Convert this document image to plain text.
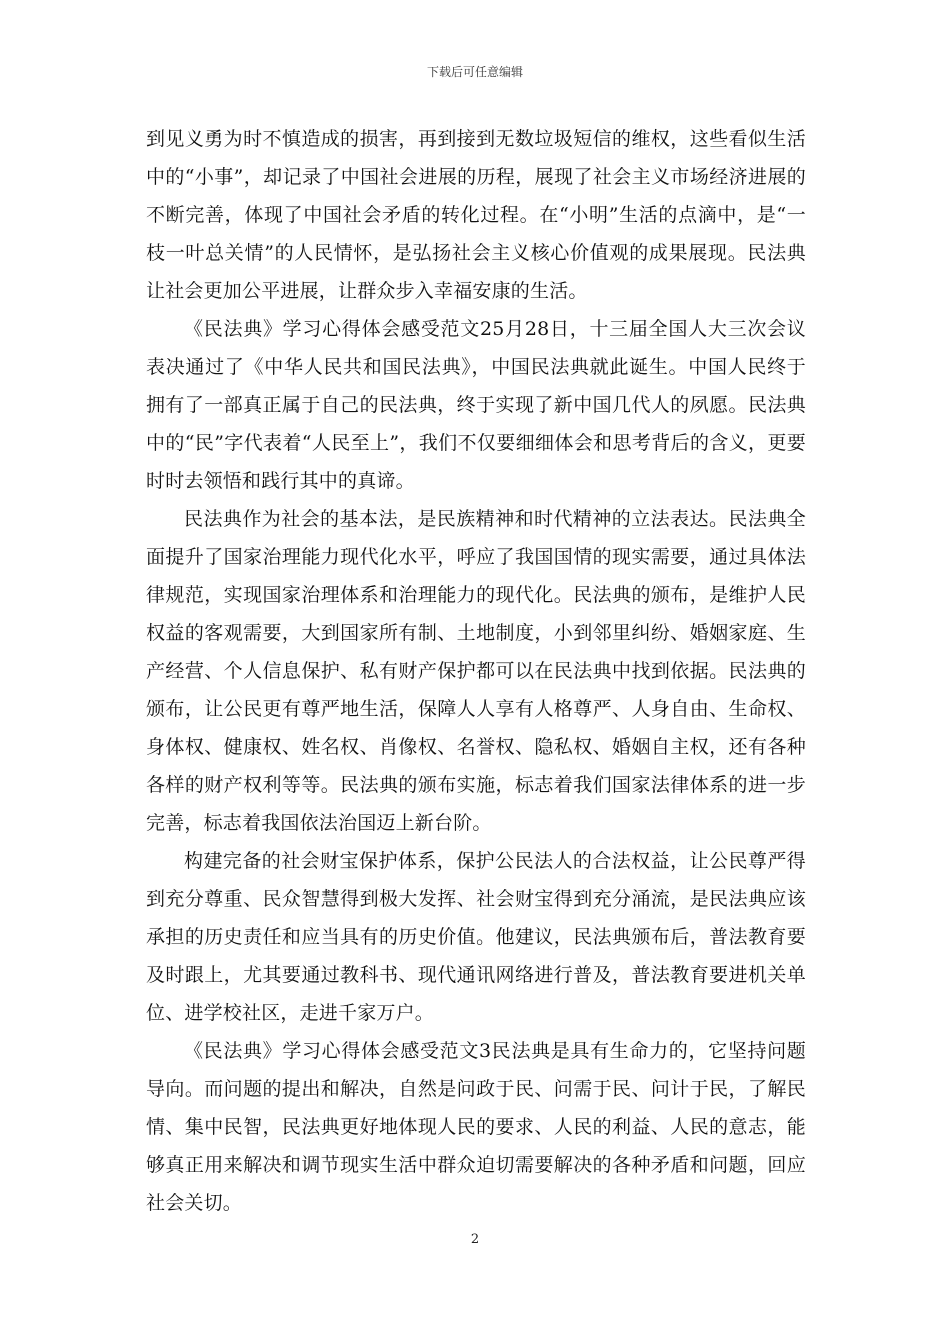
下载后可任意编辑

到见义勇为时不慎造成的损害，再到接到无数垃圾短信的维权，这些看似生活中的“小事”，却记录了中国社会进展的历程，展现了社会主义市场经济进展的不断完善，体现了中国社会矛盾的转化过程。在“小明”生活的点滴中，是“一枝一叶总关情”的人民情怀，是弘扬社会主义核心价值观的成果展现。民法典让社会更加公平进展，让群众步入幸福安康的生活。

《民法典》学习心得体会感受范文25月28日，十三届全国人大三次会议表决通过了《中华人民共和国民法典》，中国民法典就此诞生。中国人民终于拥有了一部真正属于自己的民法典，终于实现了新中国几代人的夙愿。民法典中的“民”字代表着“人民至上”，我们不仅要细细体会和思考背后的含义，更要时时去领悟和践行其中的真谛。

民法典作为社会的基本法，是民族精神和时代精神的立法表达。民法典全面提升了国家治理能力现代化水平，呼应了我国国情的现实需要，通过具体法律规范，实现国家治理体系和治理能力的现代化。民法典的颁布，是维护人民权益的客观需要，大到国家所有制、土地制度，小到邻里纠纷、婚姻家庭、生产经营、个人信息保护、私有财产保护都可以在民法典中找到依据。民法典的颁布，让公民更有尊严地生活，保障人人享有人格尊严、人身自由、生命权、身体权、健康权、姓名权、肖像权、名誉权、隐私权、婚姻自主权，还有各种各样的财产权利等等。民法典的颁布实施，标志着我们国家法律体系的进一步完善，标志着我国依法治国迈上新台阶。

构建完备的社会财宝保护体系，保护公民法人的合法权益，让公民尊严得到充分尊重、民众智慧得到极大发挥、社会财宝得到充分涌流，是民法典应该承担的历史责任和应当具有的历史价值。他建议，民法典颁布后，普法教育要及时跟上，尤其要通过教科书、现代通讯网络进行普及，普法教育要进机关单位、进学校社区，走进千家万户。

《民法典》学习心得体会感受范文3民法典是具有生命力的，它坚持问题导向。而问题的提出和解决，自然是问政于民、问需于民、问计于民，了解民情、集中民智，民法典更好地体现人民的要求、人民的利益、人民的意志，能够真正用来解决和调节现实生活中群众迫切需要解决的各种矛盾和问题，回应社会关切。

2
